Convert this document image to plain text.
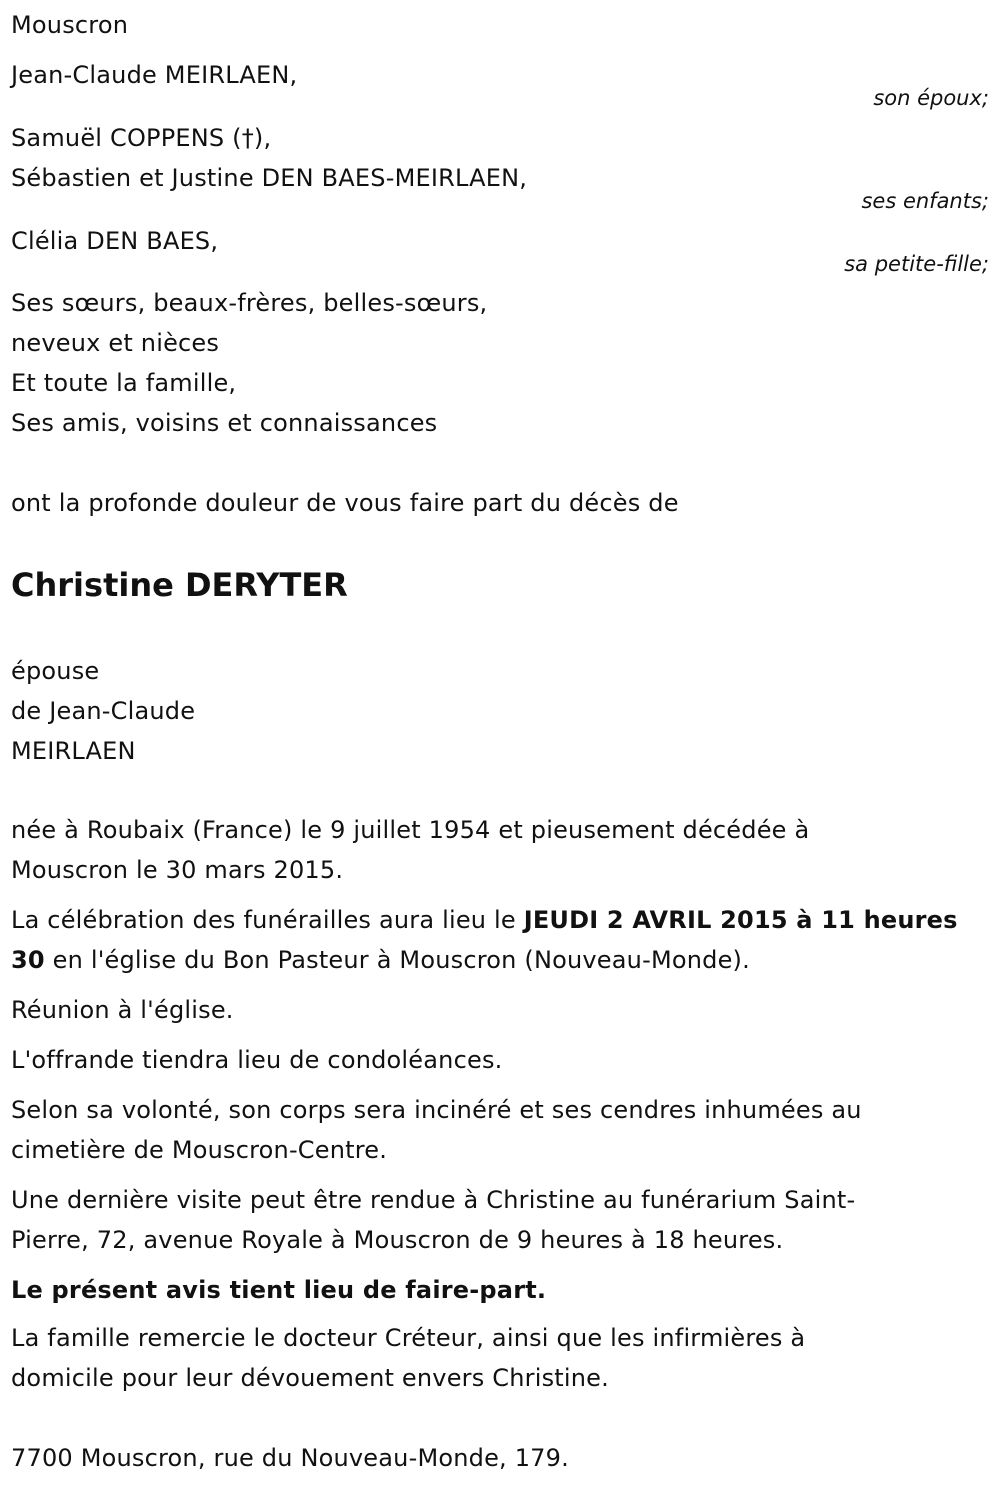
Mouscron
Jean-Claude MEIRLAEN,
son époux;
Samuël COPPENS (†),
Sébastien et Justine DEN BAES-MEIRLAEN,
ses enfants;
Clélia DEN BAES,
sa petite-fille;
Ses sœurs, beaux-frères, belles-sœurs,
neveux et nièces
Et toute la famille,
Ses amis, voisins et connaissances
ont la profonde douleur de vous faire part du décès de
Christine DERYTER
épouse
de Jean-Claude
MEIRLAEN
née à Roubaix (France) le 9 juillet 1954 et pieusement décédée à
Mouscron le 30 mars 2015.
La célébration des funérailles aura lieu le JEUDI 2 AVRIL 2015 à 11 heures
30 en l'église du Bon Pasteur à Mouscron (Nouveau-Monde).
Réunion à l'église.
L'offrande tiendra lieu de condoléances.
Selon sa volonté, son corps sera incinéré et ses cendres inhumées au
cimetière de Mouscron-Centre.
Une dernière visite peut être rendue à Christine au funérarium Saint-
Pierre, 72, avenue Royale à Mouscron de 9 heures à 18 heures.
Le présent avis tient lieu de faire-part.
La famille remercie le docteur Créteur, ainsi que les infirmières à
domicile pour leur dévouement envers Christine.
7700 Mouscron, rue du Nouveau-Monde, 179.
